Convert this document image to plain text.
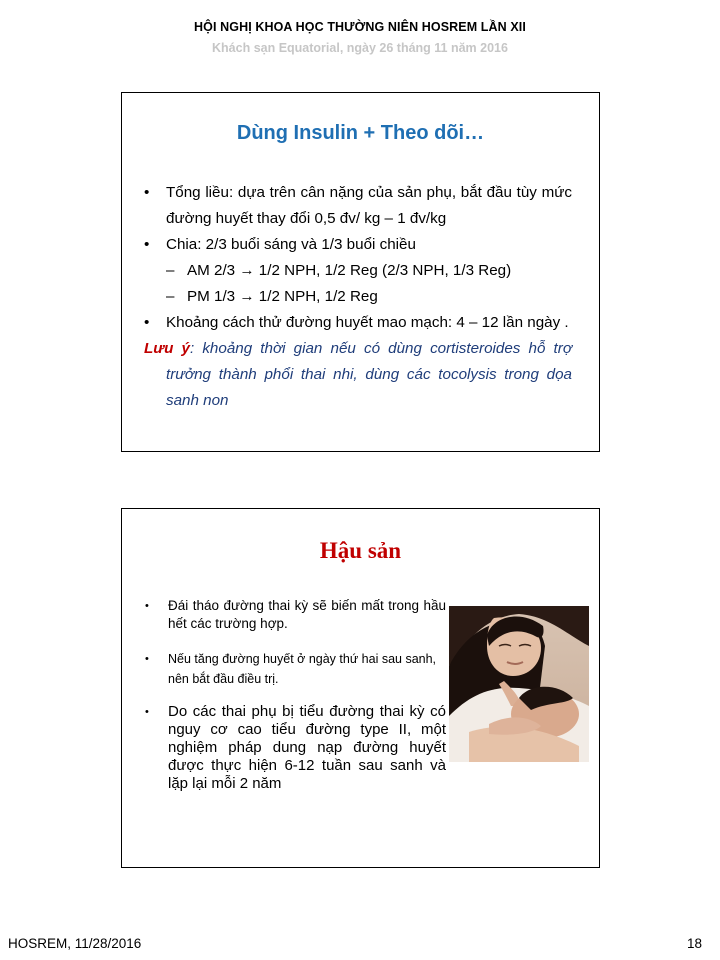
HỘI NGHỊ KHOA HỌC THƯỜNG NIÊN HOSREM LẦN XII
Khách sạn Equatorial, ngày 26 tháng 11 năm 2016
Dùng Insulin + Theo dõi…
• Tổng liều: dựa trên cân nặng của sản phụ, bắt đầu tùy mức đường huyết thay đổi 0,5 đv/ kg – 1 đv/kg
• Chia: 2/3 buổi sáng và 1/3 buổi chiều
– AM 2/3 → 1/2 NPH, 1/2 Reg (2/3 NPH, 1/3 Reg)
– PM 1/3 → 1/2 NPH, 1/2 Reg
• Khoảng cách thử đường huyết mao mạch: 4 – 12 lần ngày .
Lưu ý: khoảng thời gian nếu có dùng cortisteroides hỗ trợ trưởng thành phổi thai nhi, dùng các tocolysis trong dọa sanh non
Hậu sản
• Đái tháo đường thai kỳ sẽ biến mất trong hầu hết các trường hợp.
• Nếu tăng đường huyết ở ngày thứ hai sau sanh, nên bắt đầu điều trị.
• Do các thai phụ bị tiểu đường thai kỳ có nguy cơ cao tiểu đường type II, một nghiệm pháp dung nạp đường huyết được thực hiện 6-12 tuần sau sanh và lặp lại mỗi 2 năm
HOSREM, 11/28/2016	18
